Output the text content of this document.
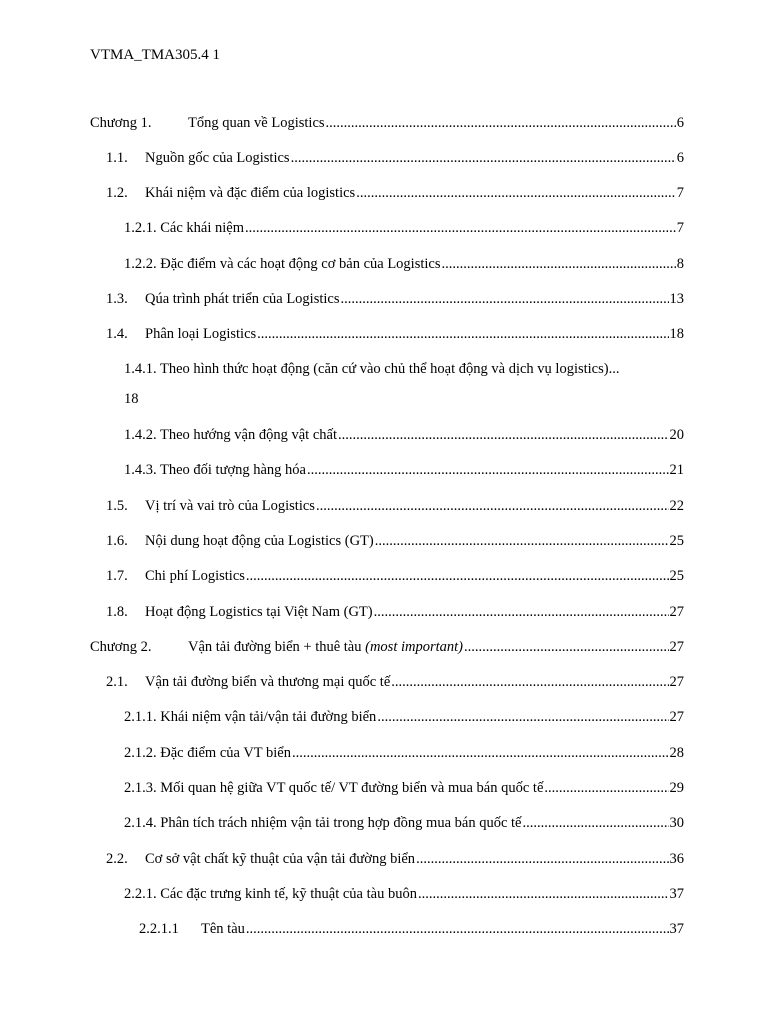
VTMA_TMA305.4 1
Chương 1.	Tổng quan về Logistics .....	6
1.1.	Nguồn gốc của Logistics .....	6
1.2.	Khái niệm và đặc điểm của logistics .....	7
1.2.1. Các khái niệm .....	7
1.2.2. Đặc điểm và các hoạt động cơ bản của Logistics .....	8
1.3.	Qúa trình phát triển của Logistics .....	13
1.4.	Phân loại Logistics .....	18
1.4.1. Theo hình thức hoạt động (căn cứ vào chủ thể hoạt động và dịch vụ logistics)...
18
1.4.2. Theo hướng vận động vật chất .....	20
1.4.3. Theo đối tượng hàng hóa .....	21
1.5.	Vị trí và vai trò của Logistics .....	22
1.6.	Nội dung hoạt động của Logistics (GT) .....	25
1.7.	Chi phí Logistics .....	25
1.8.	Hoạt động Logistics tại Việt Nam (GT) .....	27
Chương 2.	Vận tải đường biển + thuê tàu (most important) .....	27
2.1.	Vận tải đường biển và thương mại quốc tế .....	27
2.1.1. Khái niệm vận tải/vận tải đường biển .....	27
2.1.2. Đặc điểm của VT biển .....	28
2.1.3. Mối quan hệ giữa VT quốc tế/ VT đường biển và mua bán quốc tế .....	29
2.1.4. Phân tích trách nhiệm vận tải trong hợp đồng mua bán quốc tế .....	30
2.2.	Cơ sở vật chất kỹ thuật của vận tải đường biển .....	36
2.2.1. Các đặc trưng kinh tế, kỹ thuật của tàu buôn .....	37
2.2.1.1	Tên tàu .....	37
